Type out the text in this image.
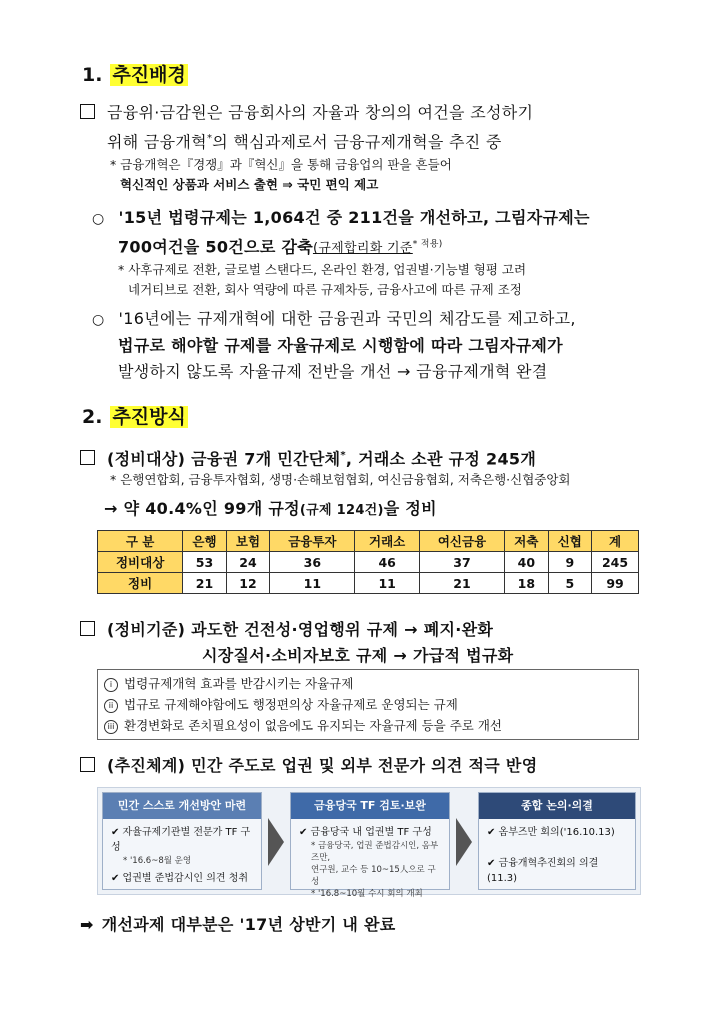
1. 추진배경
금융위·금감원은 금융회사의 자율과 창의의 여건을 조성하기
위해 금융개혁*의 핵심과제로서 금융규제개혁을 추진 중
* 금융개혁은『경쟁』과『혁신』을 통해 금융업의 판을 흔들어
혁신적인 상품과 서비스 출현 ⇒ 국민 편익 제고
○ '15년 법령규제는 1,064건 중 211건을 개선하고, 그림자규제는
700여건을 50건으로 감축(규제합리화 기준$^{* 적용)}$
* 사후규제로 전환, 글로벌 스탠다드, 온라인 환경, 업권별·기능별 형평 고려
네거티브로 전환, 회사 역량에 따른 규제차등, 금융사고에 따른 규제 조정
○ '16년에는 규제개혁에 대한 금융권과 국민의 체감도를 제고하고,
법규로 해야할 규제를 자율규제로 시행함에 따라 그림자규제가
발생하지 않도록 자율규제 전반을 개선 → 금융규제개혁 완결
2. 추진방식
(정비대상) 금융권 7개 민간단체*, 거래소 소관 규정 245개
* 은행연합회, 금융투자협회, 생명·손해보험협회, 여신금융협회, 저축은행·신협중앙회
→ 약 40.4%인 99개 규정(규제 124건)을 정비
구 분	은행	보험	금융투자	거래소	여신금융	저축	신협	계
정비대상	53	24	36	46	37	40	9	245
정비	21	12	11	11	21	18	5	99
(정비기준) 과도한 건전성·영업행위 규제 → 폐지·완화
시장질서·소비자보호 규제 → 가급적 법규화
i 법령규제개혁 효과를 반감시키는 자율규제
ii 법규로 규제해야함에도 행정편의상 자율규제로 운영되는 규제
iii 환경변화로 존치필요성이 없음에도 유지되는 자율규제 등을 주로 개선
(추진체계) 민간 주도로 업권 및 외부 전문가 의견 적극 반영
민간 스스로 개선방안 마련
✔ 자율규제기관별 전문가 TF 구성
* '16.6~8월 운영
✔ 업권별 준법감시인 의견 청취
금융당국 TF 검토·보완
✔ 금융당국 내 업권별 TF 구성
* 금융당국, 업권 준법감시인, 옴부즈만,
연구원, 교수 등 10~15人으로 구성
* '16.8~10월 수시 회의 개최
종합 논의·의결
✔ 옴부즈만 회의('16.10.13)
✔ 금융개혁추진회의 의결(11.3)
➡ 개선과제 대부분은 '17년 상반기 내 완료
